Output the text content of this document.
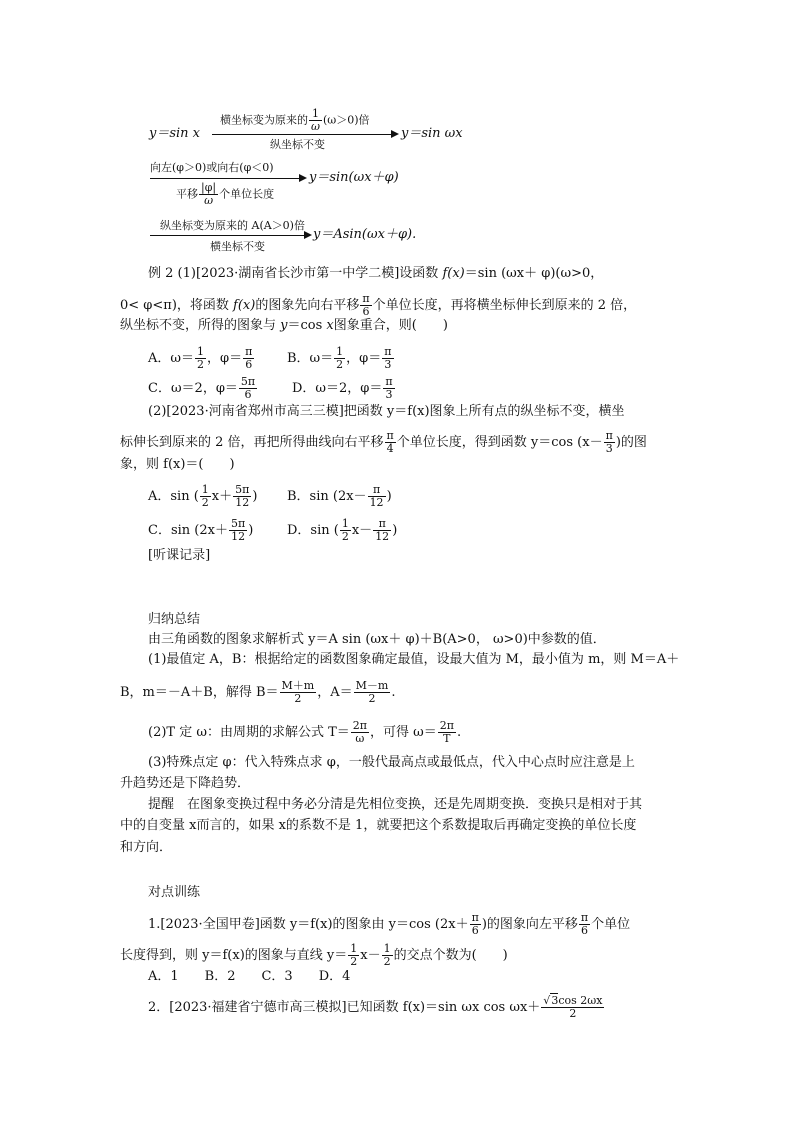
y＝sin x
横坐标变为原来的 $\frac{1}{\omega} (\omega>0)$倍
纵坐标不变
y＝sin ωx
向左(φ＞0)或向右(φ＜0)
平移 $\frac{|\varphi|}{\omega}$ 个单位长度
y＝sin(ωx＋φ)
纵坐标变为原来的 A(A＞0)倍
横坐标不变
y＝Asin(ωx＋φ).
例 2 (1)[2023·湖南省长沙市第一中学二模]设函数 f(x)＝sin (ωx＋ φ)(ω>0，
0< φ<π)，将函数 f(x)的图象先向右平移 $\frac{\pi}{6}$ 个单位长度，再将横坐标伸长到原来的 2 倍，
纵坐标不变，所得的图象与 y＝cos x图象重合，则(　　)
A．$\omega= \frac{1}{2}$ ，$\varphi= \frac{\pi}{6}$	B．$\omega= \frac{1}{2}$ ，$\varphi= \frac{\pi}{3}$
C．ω＝2，$\varphi= \frac{5\pi}{6}$	D．ω＝2，$\varphi= \frac{\pi}{3}$
(2)[2023·河南省郑州市高三三模]把函数 y＝f(x)图象上所有点的纵坐标不变，横坐
标伸长到原来的 2 倍，再把所得曲线向右平移 $\frac{\pi}{4}$ 个单位长度，得到函数 y＝cos ($x- \frac{\pi}{3}$ )的图
象，则 f(x)＝(　　)
A．sin ( $\frac{1}{2} x+ \frac{5\pi}{12}$ ) B．$\sin (2x- \frac{\pi}{12}$ )
C．$\sin (2x+ \frac{5\pi}{12}$ )	D．sin ( $\frac{1}{2} x- \frac{\pi}{12}$ )
[听课记录]
归纳总结
由三角函数的图象求解析式 y＝A sin (ωx＋ φ)＋B(A>0， ω>0)中参数的值．
(1)最值定 A，B：根据给定的函数图象确定最值，设最大值为 M，最小值为 m，则 M＝A＋
B，m＝－A＋B，解得 $B= \frac{M+m}{2}$ ，$A= \frac{M-m}{2}$ .
(2)T 定 ω：由周期的求解公式 $T= \frac{2\pi}{\omega}$ ，可得 $\omega= \frac{2\pi}{T}$ .
(3)特殊点定 φ：代入特殊点求 φ，一般代最高点或最低点，代入中心点时应注意是上
升趋势还是下降趋势．
提醒　在图象变换过程中务必分清是先相位变换，还是先周期变换．变换只是相对于其
中的自变量 x而言的，如果 x的系数不是 1，就要把这个系数提取后再确定变换的单位长度
和方向．
对点训练
1.[2023·全国甲卷]函数 y＝f(x)的图象由 y＝cos ($2x+ \frac{\pi}{6}$ )的图象向左平移 $\frac{\pi}{6}$ 个单位
长度得到，则 y＝f(x)的图象与直线 $y= \frac{1}{2} x- \frac{1}{2}$ 的交点个数为(　　)
A．1　　B．2　　C．3　　D．4
2．[2023·福建省宁德市高三模拟]已知函数 f(x)＝sin ωx $\cos \omega x+ \frac{√3\cos 2\omega x}{2}$
